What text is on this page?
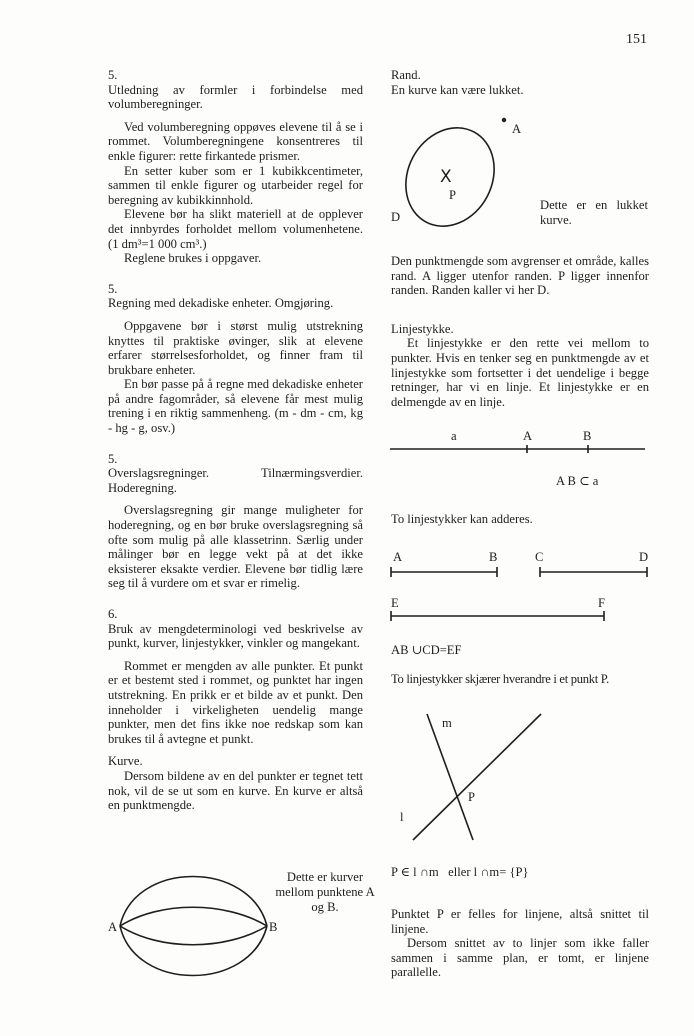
151

5.

Utledning av formler i forbindelse med volumberegninger.

Ved volumberegning oppøves elevene til å se i rommet. Volumberegningene konsentreres til enkle figurer: rette firkantede prismer.

En setter kuber som er 1 kubikkcentimeter, sammen til enkle figurer og utarbeider regel for beregning av kubikkinnhold.

Elevene bør ha slikt materiell at de opplever det innbyrdes forholdet mellom volumenhetene. (1 dm³=1 000 cm³.)

Reglene brukes i oppgaver.

5.

Regning med dekadiske enheter. Omgjøring.

Oppgavene bør i størst mulig utstrekning knyttes til praktiske øvinger, slik at elevene erfarer størrelsesforholdet, og finner fram til brukbare enheter.

En bør passe på å regne med dekadiske enheter på andre fagområder, så elevene får mest mulig trening i en riktig sammenheng. (m - dm - cm, kg - hg - g, osv.)

5.

Overslagsregninger. Tilnærmingsverdier. Hoderegning.

Overslagsregning gir mange muligheter for hoderegning, og en bør bruke overslagsregning så ofte som mulig på alle klassetrinn. Særlig under målinger bør en legge vekt på at det ikke eksisterer eksakte verdier. Elevene bør tidlig lære seg til å vurdere om et svar er rimelig.

6.

Bruk av mengdeterminologi ved beskrivelse av punkt, kurver, linjestykker, vinkler og mangekant.

Rommet er mengden av alle punkter. Et punkt er et bestemt sted i rommet, og punktet har ingen utstrekning. En prikk er et bilde av et punkt. Den inneholder i virkeligheten uendelig mange punkter, men det fins ikke noe redskap som kan brukes til å avtegne et punkt.

Kurve.

Dersom bildene av en del punkter er tegnet tett nok, vil de se ut som en kurve. En kurve er altså en punktmengde.

A	B
Dette er kurver mellom punktene A og B.

Rand.

En kurve kan være lukket.

A
X
P
D
Dette er en lukket kurve.

Den punktmengde som avgrenser et område, kalles rand. A ligger utenfor randen. P ligger innenfor randen. Randen kaller vi her D.

Linjestykke.

Et linjestykke er den rette vei mellom to punkter. Hvis en tenker seg en punktmengde av et linjestykke som fortsetter i det uendelige i begge retninger, har vi en linje. Et linjestykke er en delmengde av en linje.

a	A	B
A B ⊂ a
To linjestykker kan adderes.
A	B	C	D
E	F
AB ∪CD=EF
To linjestykker skjærer hverandre i et punkt P.
m
l
P
P ∈ l ∩m   eller l ∩m= {P}

Punktet P er felles for linjene, altså snittet til linjene.

Dersom snittet av to linjer som ikke faller sammen i samme plan, er tomt, er linjene parallelle.
